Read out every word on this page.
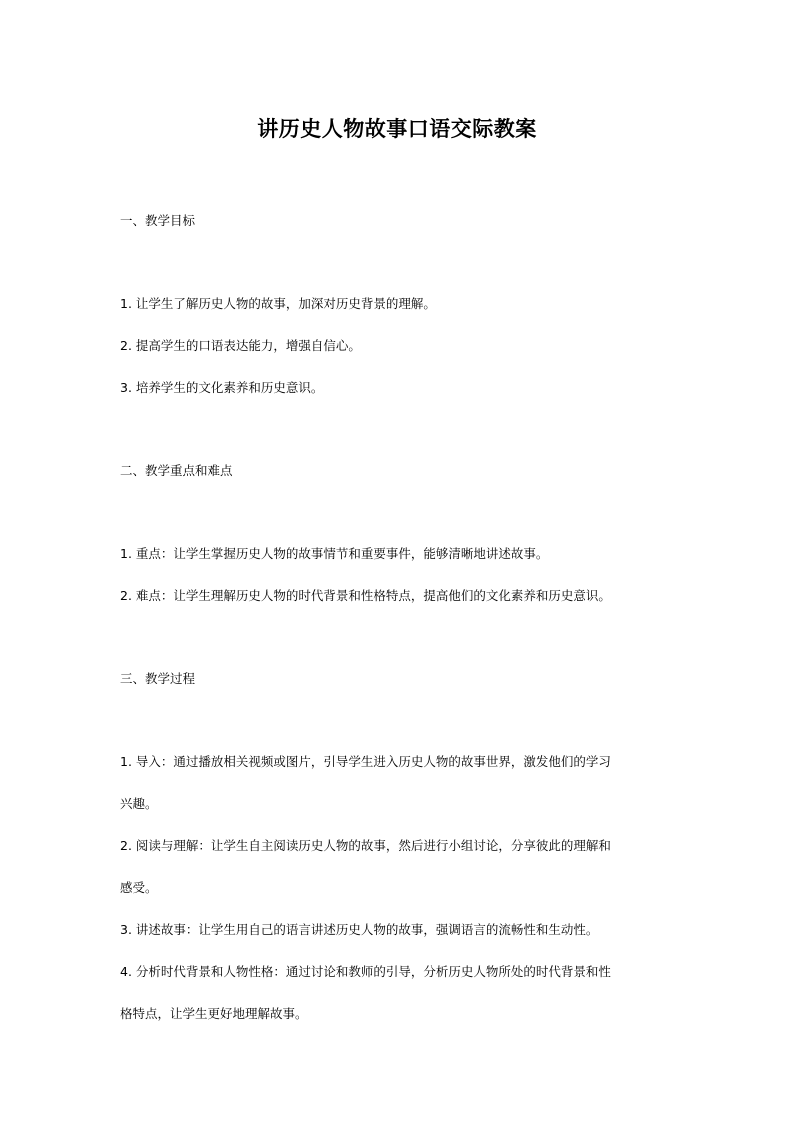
讲历史人物故事口语交际教案
一、教学目标
1. 让学生了解历史人物的故事，加深对历史背景的理解。
2. 提高学生的口语表达能力，增强自信心。
3. 培养学生的文化素养和历史意识。
二、教学重点和难点
1. 重点：让学生掌握历史人物的故事情节和重要事件，能够清晰地讲述故事。
2. 难点：让学生理解历史人物的时代背景和性格特点，提高他们的文化素养和历史意识。
三、教学过程
1. 导入：通过播放相关视频或图片，引导学生进入历史人物的故事世界，激发他们的学习
兴趣。
2. 阅读与理解：让学生自主阅读历史人物的故事，然后进行小组讨论，分享彼此的理解和
感受。
3. 讲述故事：让学生用自己的语言讲述历史人物的故事，强调语言的流畅性和生动性。
4. 分析时代背景和人物性格：通过讨论和教师的引导，分析历史人物所处的时代背景和性
格特点，让学生更好地理解故事。
